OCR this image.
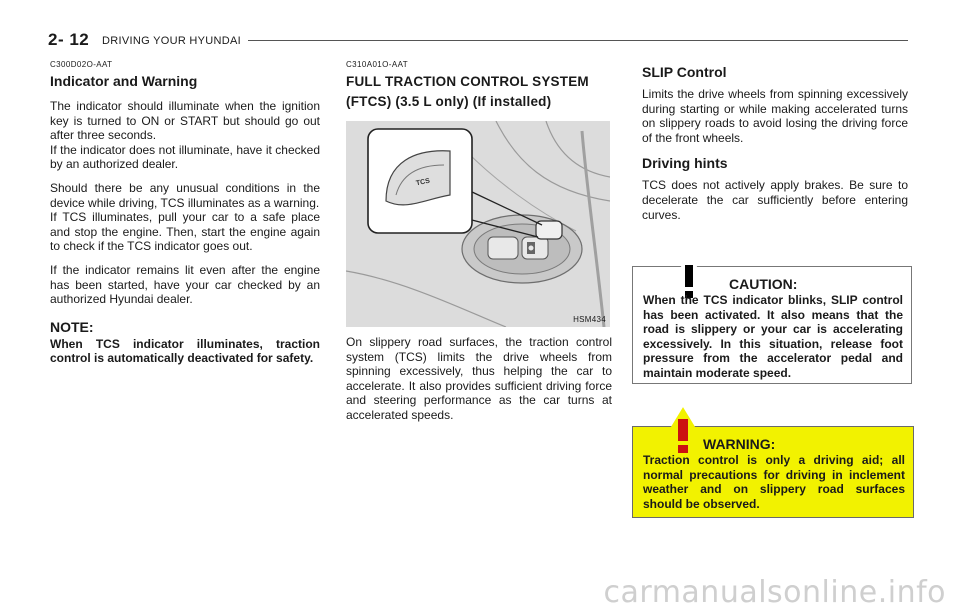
2- 12 DRIVING YOUR HYUNDAI
C300D02O-AAT
Indicator and Warning

The indicator should illuminate when the ignition key is turned to ON or START but should go out after three seconds.

If the indicator does not illuminate, have it checked by an authorized dealer.

Should there be any unusual conditions in the device while driving, TCS illuminates as a warning.

If TCS illuminates, pull your car to a safe place and stop the engine. Then, start the engine again to check if the TCS indicator goes out.

If the indicator remains lit even after the engine has been started, have your car checked by an authorized Hyundai dealer.

NOTE:
When TCS indicator illuminates, traction control is automatically deactivated for safety.
C310A01O-AAT
FULL TRACTION CONTROL SYSTEM (FTCS) (3.5 L only) (If installed)
TCS
HSM434

On slippery road surfaces, the traction control system (TCS) limits the drive wheels from spinning excessively, thus helping the car to accelerate. It also provides sufficient driving force and steering performance as the car turns at accelerated speeds.

SLIP Control

Limits the drive wheels from spinning excessively during starting or while making accelerated turns on slippery roads to avoid losing the driving force of the front wheels.

Driving hints

TCS does not actively apply brakes. Be sure to decelerate the car sufficiently before entering curves.

CAUTION:
When the TCS indicator blinks, SLIP control has been activated. It also means that the road is slippery or your car is accelerating excessively. In this situation, release foot pressure from the accelerator pedal and maintain moderate speed.
WARNING:
Traction control is only a driving aid; all normal precautions for driving in inclement weather and on slippery road surfaces should be observed.
carmanualsonline.info
